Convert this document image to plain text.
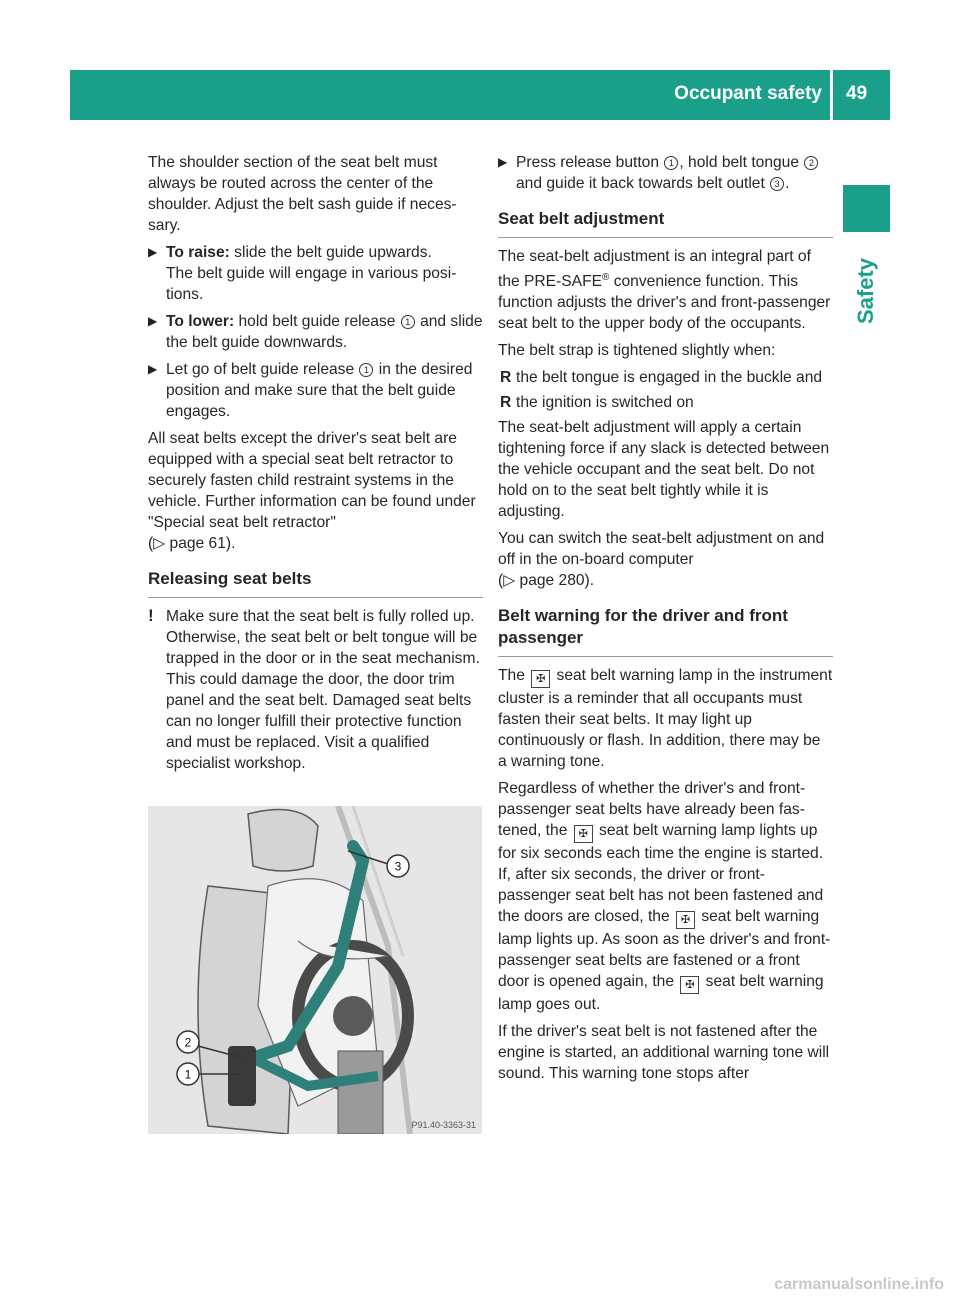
Occupant safety 49
Safety

The shoulder section of the seat belt must always be routed across the center of the shoulder. Adjust the belt sash guide if necessary.

▶ To raise: slide the belt guide upwards.
The belt guide will engage in various positions.
▶ To lower: hold belt guide release 1 and slide the belt guide downwards.
▶ Let go of belt guide release 1 in the desired position and make sure that the belt guide engages.

All seat belts except the driver's seat belt are equipped with a special seat belt retractor to securely fasten child restraint systems in the vehicle. Further information can be found under "Special seat belt retractor"
(▷ page 61).

Releasing seat belts
! Make sure that the seat belt is fully rolled up. Otherwise, the seat belt or belt tongue will be trapped in the door or in the seat mechanism. This could damage the door, the door trim panel and the seat belt. Damaged seat belts can no longer fulfill their protective function and must be replaced. Visit a qualified specialist workshop.
3
2
1
P91.40-3363-31
▶ Press release button 1 , hold belt tongue 2 and guide it back towards belt outlet 3 .
Seat belt adjustment

The seat-belt adjustment is an integral part of the PRE-SAFE® convenience function. This function adjusts the driver's and front-passenger seat belt to the upper body of the occupants.

The belt strap is tightened slightly when:

R the belt tongue is engaged in the buckle and
R the ignition is switched on

The seat-belt adjustment will apply a certain tightening force if any slack is detected between the vehicle occupant and the seat belt. Do not hold on to the seat belt tightly while it is adjusting.

You can switch the seat-belt adjustment on and off in the on-board computer
(▷ page 280).

Belt warning for the driver and front passenger

The ✠ seat belt warning lamp in the instrument cluster is a reminder that all occupants must fasten their seat belts. It may light up continuously or flash. In addition, there may be a warning tone.

Regardless of whether the driver's and front-passenger seat belts have already been fastened, the ✠ seat belt warning lamp lights up for six seconds each time the engine is started. If, after six seconds, the driver or front-passenger seat belt has not been fastened and the doors are closed, the ✠ seat belt warning lamp lights up. As soon as the driver's and front-passenger seat belts are fastened or a front door is opened again, the ✠ seat belt warning lamp goes out.

If the driver's seat belt is not fastened after the engine is started, an additional warning tone will sound. This warning tone stops after

carmanualsonline.info
